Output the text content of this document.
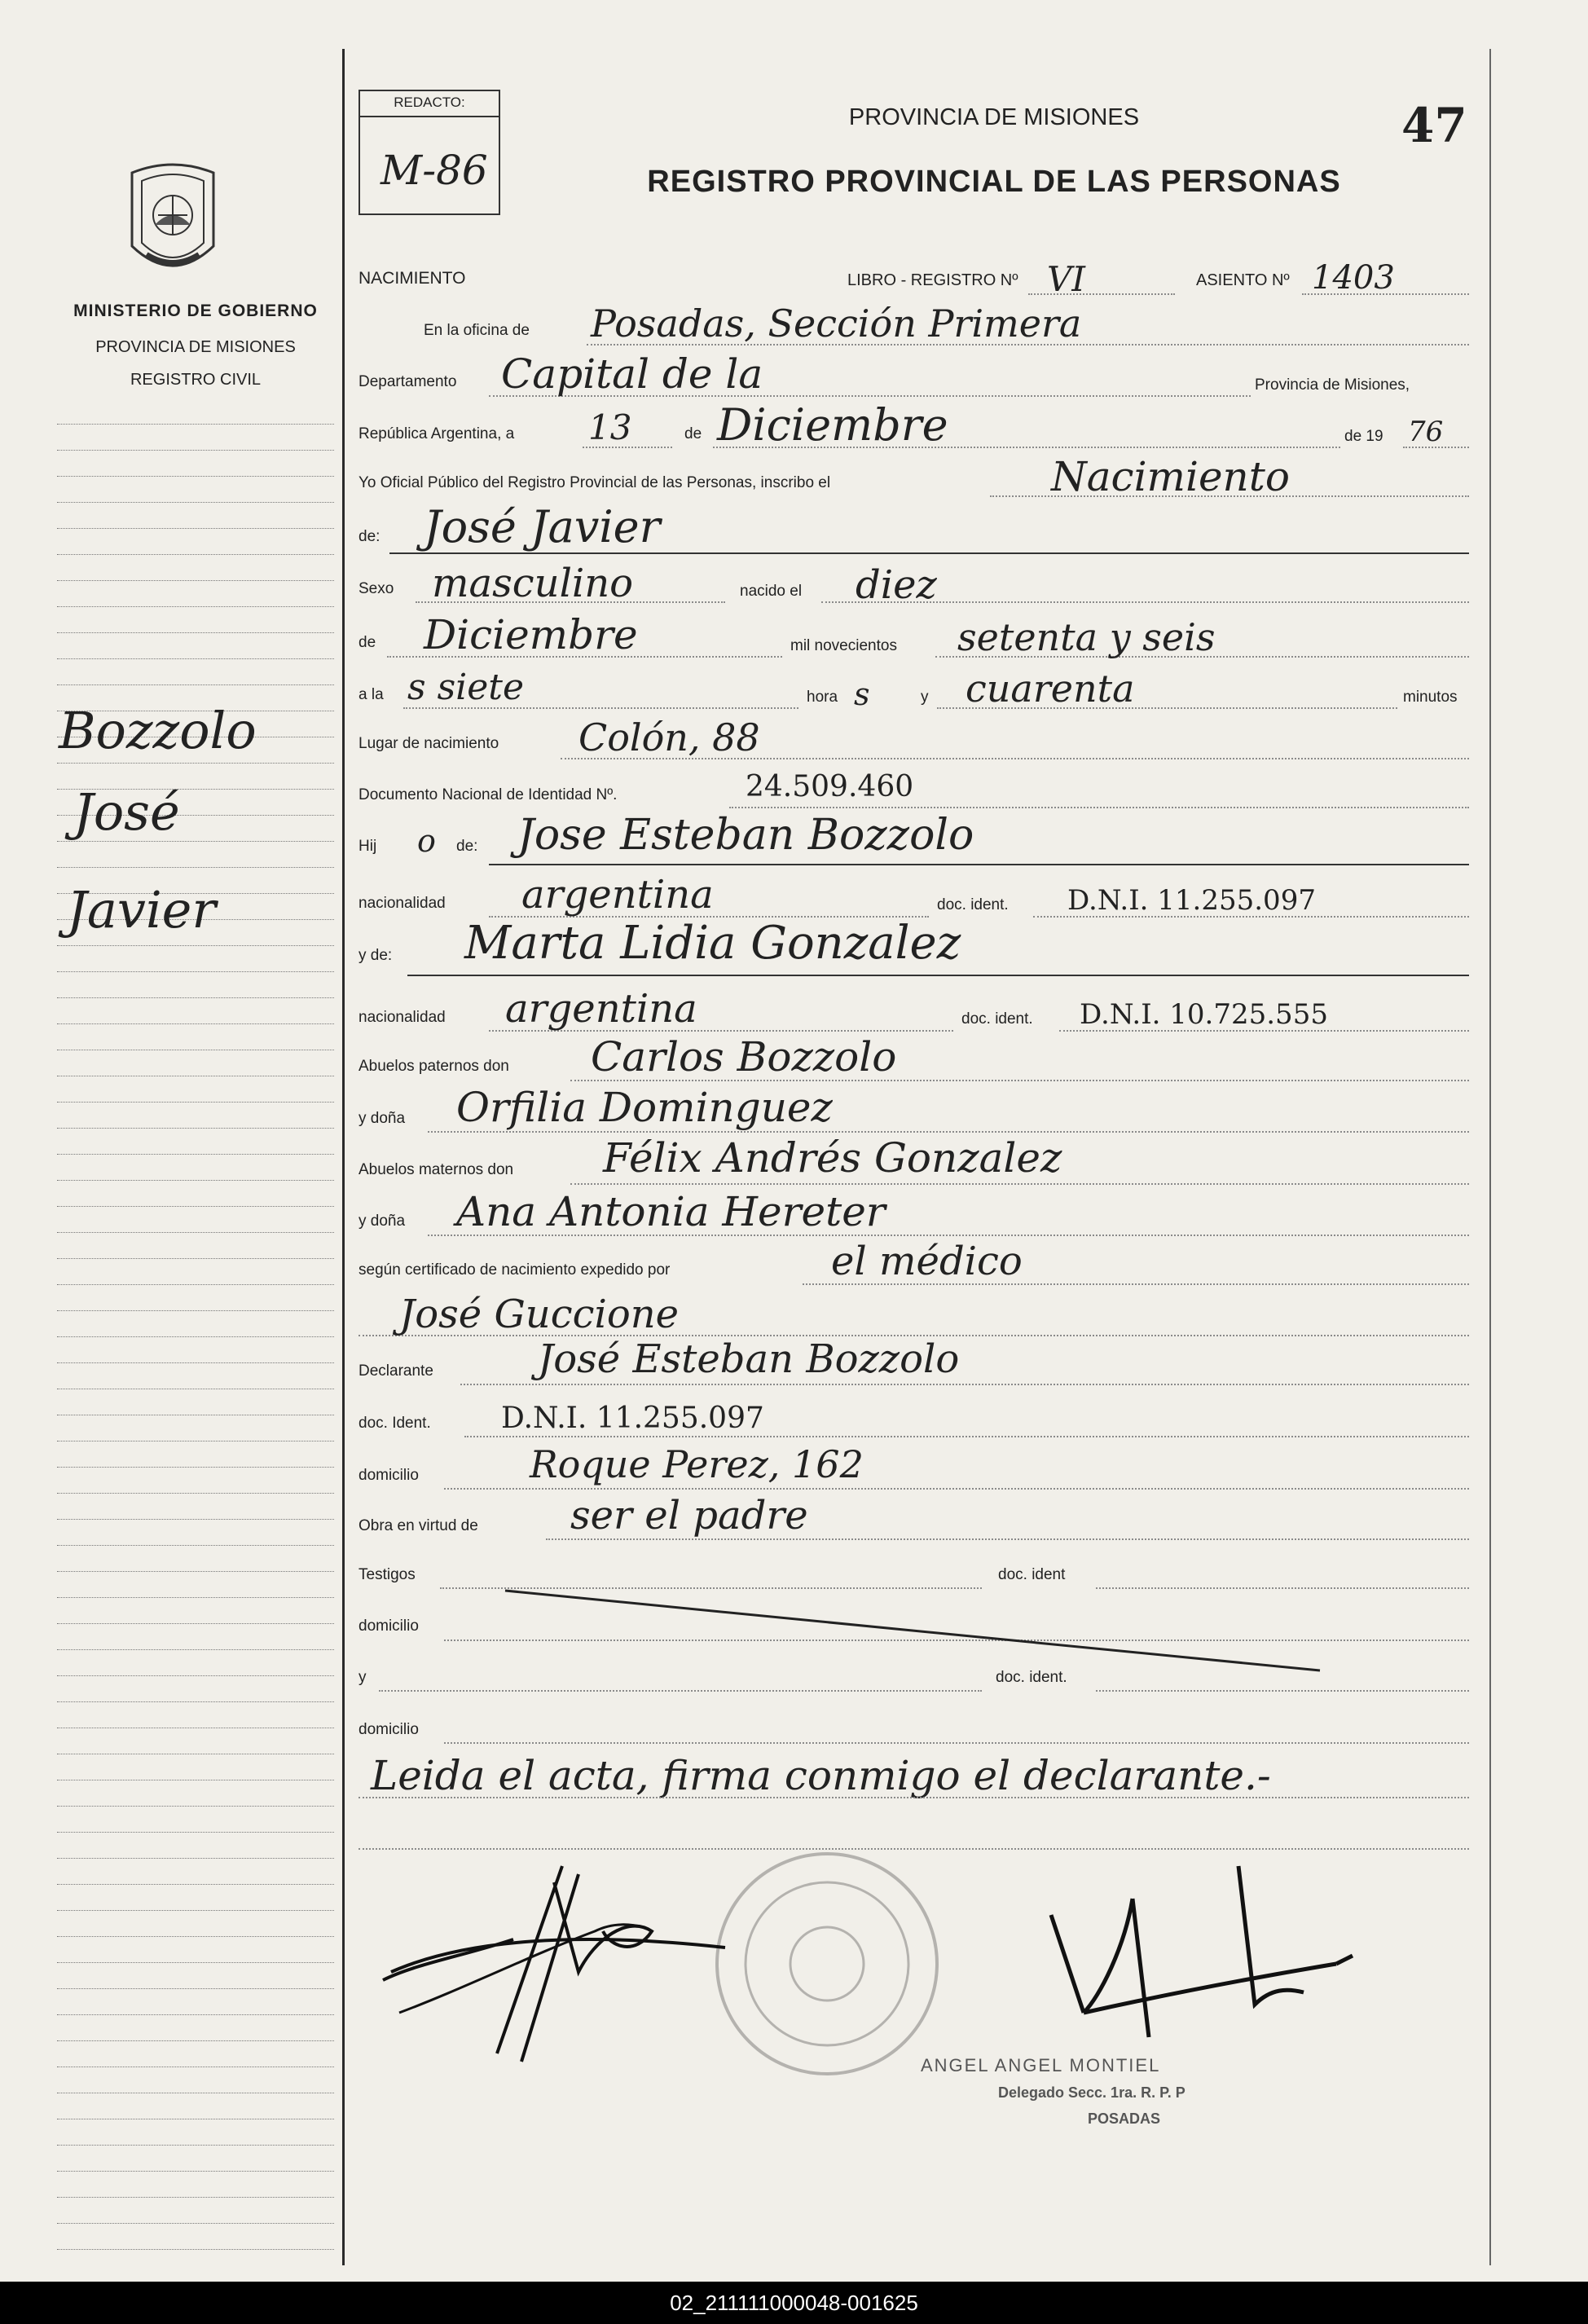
MINISTERIO DE GOBIERNO
PROVINCIA DE MISIONES
REGISTRO CIVIL
Bozzolo
José
Javier
REDACTO:
M-86
47
PROVINCIA DE MISIONES
REGISTRO PROVINCIAL DE LAS PERSONAS
NACIMIENTO	LIBRO - REGISTRO Nº VI	ASIENTO Nº 1403
En la oficina de Posadas, Sección Primera
Departamento Capital de la	Provincia de Misiones,
República Argentina, a 13	de Diciembre	de 19 76
Yo Oficial Público del Registro Provincial de las Personas, inscribo el	Nacimiento
de: José Javier
Sexo masculino	nacido el diez
de Diciembre	mil novecientos setenta y seis
a la s siete	hora s	y cuarenta	minutos
Lugar de nacimiento Colón, 88
Documento Nacional de Identidad Nº.	24.509.460
Hij o de: Jose Esteban Bozzolo
nacionalidad argentina	doc. ident. D.N.I. 11.255.097
y de: Marta Lidia Gonzalez
nacionalidad argentina	doc. ident. D.N.I. 10.725.555
Abuelos paternos don Carlos Bozzolo
y doña Orfilia Dominguez
Abuelos maternos don Félix Andrés Gonzalez
y doña Ana Antonia Hereter
según certificado de nacimiento expedido por	el médico
José Guccione
Declarante	José Esteban Bozzolo
doc. Ident. D.N.I. 11.255.097
domicilio	Roque Perez, 162
Obra en virtud de ser el padre
Testigos	doc. ident
domicilio
y	doc. ident.
domicilio
Leida el acta, firma conmigo el declarante.-
ANGEL ANGEL MONTIEL
Delegado Secc. 1ra. R. P. P
POSADAS
02_211111000048-001625
